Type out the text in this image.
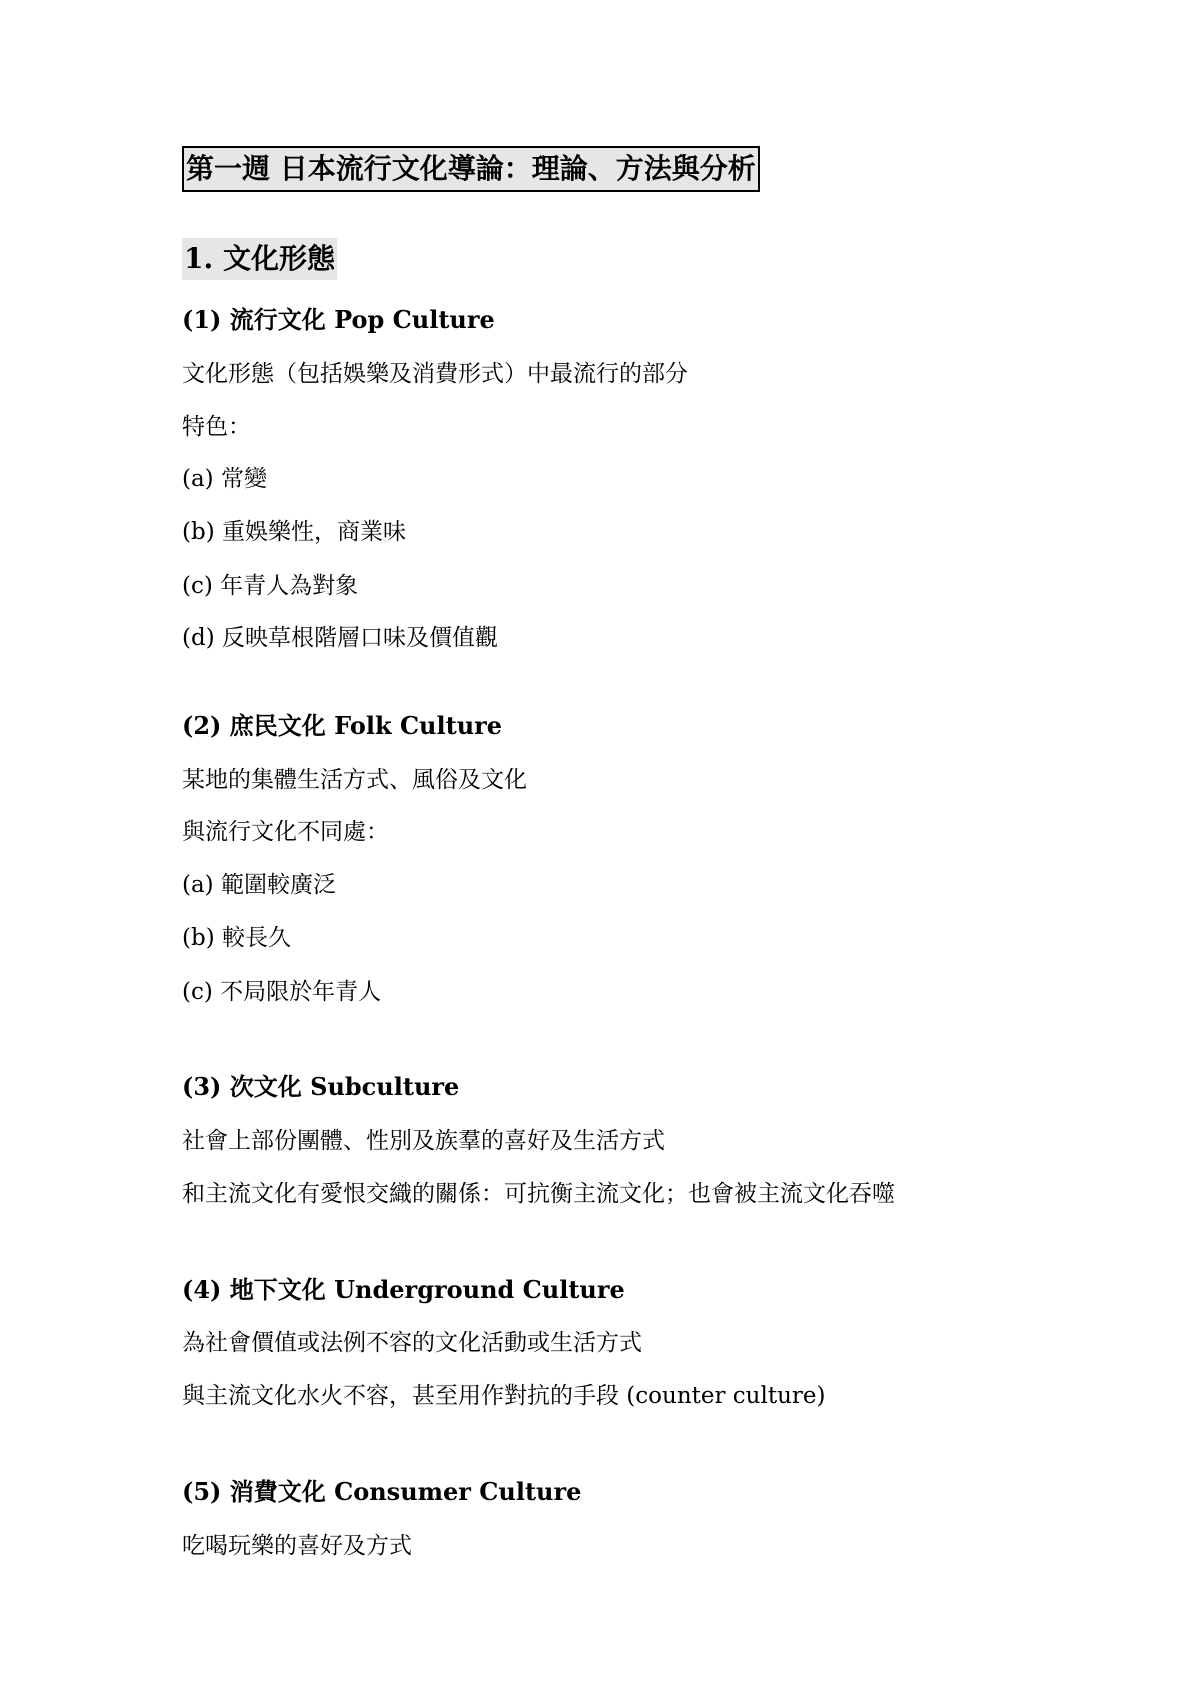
第一週 日本流行文化導論：理論、方法與分析
1. 文化形態
(1) 流行文化 Pop Culture
文化形態（包括娛樂及消費形式）中最流行的部分
特色：
(a) 常變
(b) 重娛樂性，商業味
(c) 年青人為對象
(d) 反映草根階層口味及價值觀
(2) 庶民文化 Folk Culture
某地的集體生活方式、風俗及文化
與流行文化不同處：
(a) 範圍較廣泛
(b) 較長久
(c) 不局限於年青人
(3) 次文化 Subculture
社會上部份團體、性別及族羣的喜好及生活方式
和主流文化有愛恨交織的關係：可抗衡主流文化；也會被主流文化吞噬
(4) 地下文化 Underground Culture
為社會價值或法例不容的文化活動或生活方式
與主流文化水火不容，甚至用作對抗的手段 (counter culture)
(5) 消費文化 Consumer Culture
吃喝玩樂的喜好及方式
